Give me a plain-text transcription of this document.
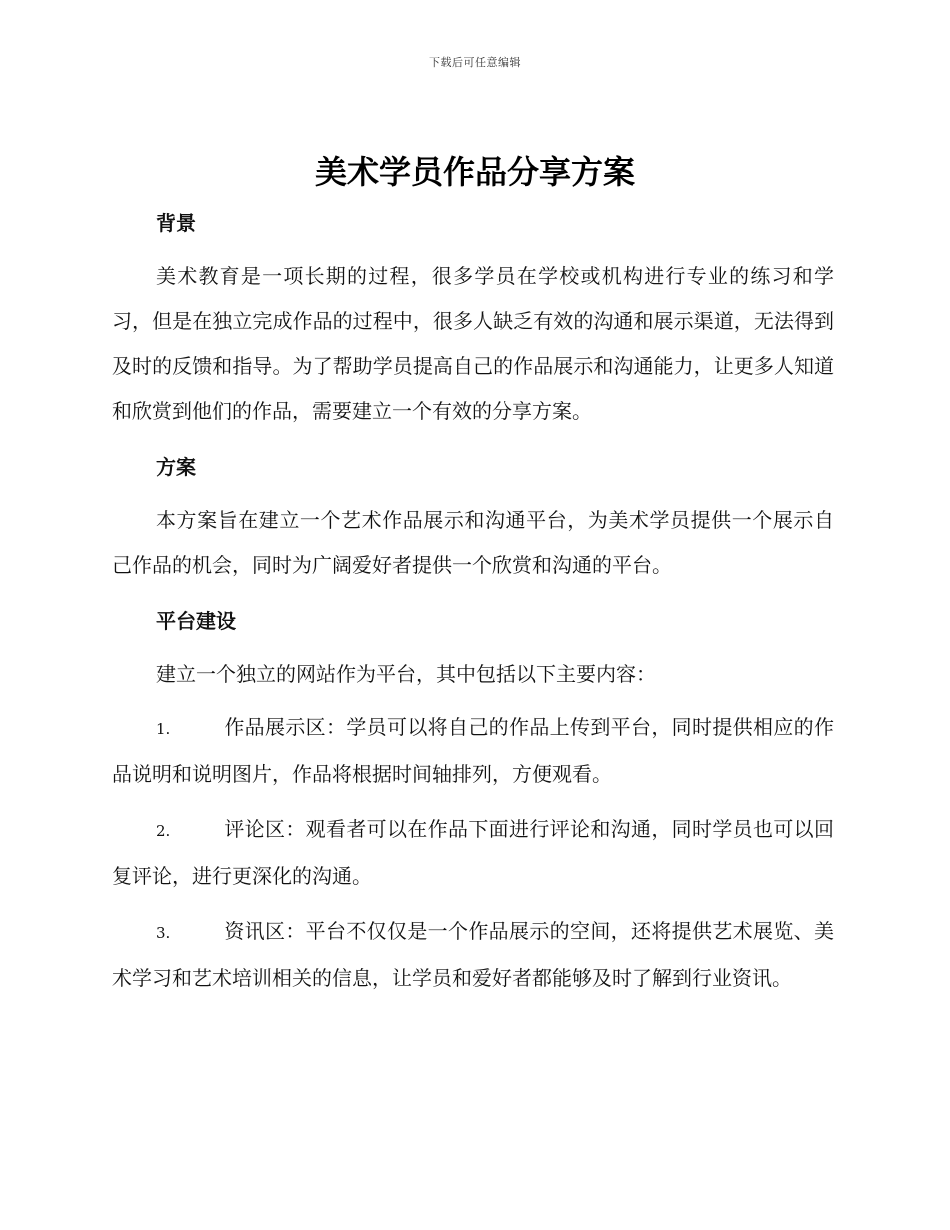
下载后可任意编辑
美术学员作品分享方案

背景

美术教育是一项长期的过程，很多学员在学校或机构进行专业的练习和学习，但是在独立完成作品的过程中，很多人缺乏有效的沟通和展示渠道，无法得到及时的反馈和指导。为了帮助学员提高自己的作品展示和沟通能力，让更多人知道和欣赏到他们的作品，需要建立一个有效的分享方案。

方案

本方案旨在建立一个艺术作品展示和沟通平台，为美术学员提供一个展示自己作品的机会，同时为广阔爱好者提供一个欣赏和沟通的平台。

平台建设

建立一个独立的网站作为平台，其中包括以下主要内容：

1.	作品展示区：学员可以将自己的作品上传到平台，同时提供相应的作品说明和说明图片，作品将根据时间轴排列，方便观看。

2.	评论区：观看者可以在作品下面进行评论和沟通，同时学员也可以回复评论，进行更深化的沟通。

3.	资讯区：平台不仅仅是一个作品展示的空间，还将提供艺术展览、美术学习和艺术培训相关的信息，让学员和爱好者都能够及时了解到行业资讯。
